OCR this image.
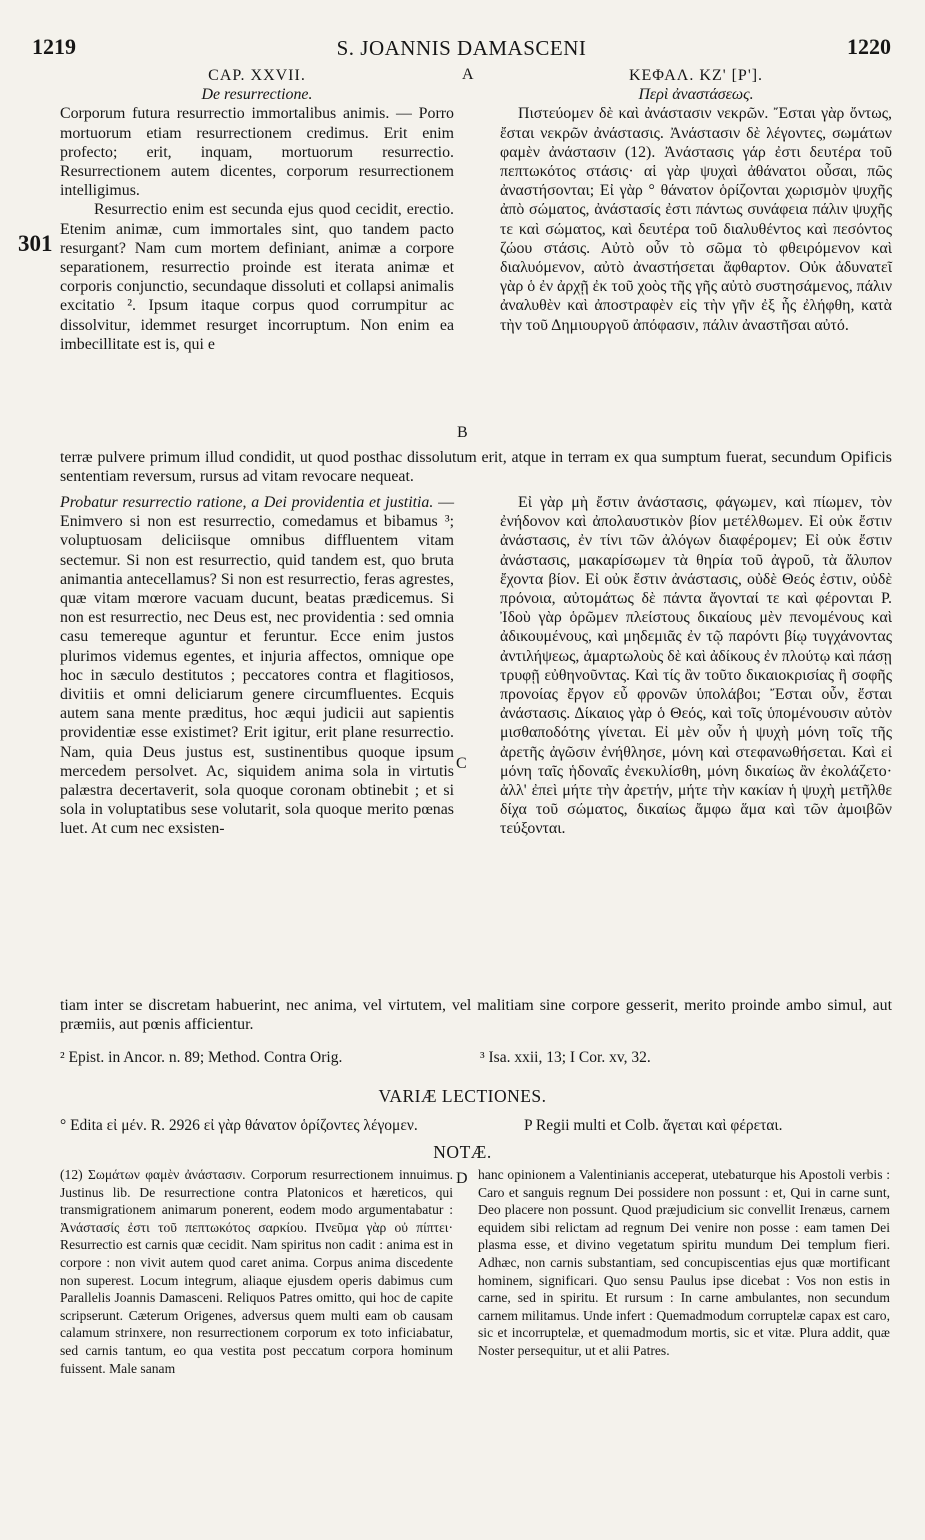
1219	S. JOANNIS DAMASCENI	1220
A
B
C
D

CAP. XXVII.

De resurrectione.

Corporum futura resurrectio immortalibus animis. — Porro mortuorum etiam resurrectionem credimus. Erit enim profecto; erit, inquam, mortuorum resurrectio. Resurrectionem autem dicentes, corporum resurrectionem intelligimus.

Resurrectio enim est secunda ejus quod cecidit, erectio. Etenim animæ, cum immortales sint, quo tandem pacto resurgant? Nam cum mortem definiant, animæ a corpore separationem, resurrectio proinde est iterata animæ et corporis conjunctio, secundaque dissoluti et collapsi animalis excitatio ². Ipsum itaque corpus quod corrumpitur ac dissolvitur, idemmet resurget incorruptum. Non enim ea imbecillitate est is, qui e

301

ΚΕΦΑΛ. ΚΖ' [Ρ'].

Περὶ ἀναστάσεως.

Πιστεύομεν δὲ καὶ ἀνάστασιν νεκρῶν. Ἔσται γὰρ ὄντως, ἔσται νεκρῶν ἀνάστασις. Ἀνάστασιν δὲ λέγοντες, σωμάτων φαμὲν ἀνάστασιν (12). Ἀνάστασις γάρ ἐστι δευτέρα τοῦ πεπτωκότος στάσις· αἱ γὰρ ψυχαὶ ἀθάνατοι οὖσαι, πῶς ἀναστήσονται; Εἰ γὰρ ° θάνατον ὁρίζονται χωρισμὸν ψυχῆς ἀπὸ σώματος, ἀνάστασίς ἐστι πάντως συνάφεια πάλιν ψυχῆς τε καὶ σώματος, καὶ δευτέρα τοῦ διαλυθέντος καὶ πεσόντος ζώου στάσις. Αὐτὸ οὖν τὸ σῶμα τὸ φθειρόμενον καὶ διαλυόμενον, αὐτὸ ἀναστήσεται ἄφθαρτον. Οὐκ ἀδυνατεῖ γὰρ ὁ ἐν ἀρχῇ ἐκ τοῦ χοὸς τῆς γῆς αὐτὸ συστησάμενος, πάλιν ἀναλυθὲν καὶ ἀποστραφὲν εἰς τὴν γῆν ἐξ ἧς ἐλήφθη, κατὰ τὴν τοῦ Δημιουργοῦ ἀπόφασιν, πάλιν ἀναστῆσαι αὐτό.

terræ pulvere primum illud condidit, ut quod posthac dissolutum erit, atque in terram ex qua sumptum fuerat, secundum Opificis sententiam reversum, rursus ad vitam revocare nequeat.

Probatur resurrectio ratione, a Dei providentia et justitia. — Enimvero si non est resurrectio, comedamus et bibamus ³; voluptuosam deliciisque omnibus diffluentem vitam sectemur. Si non est resurrectio, quid tandem est, quo bruta animantia antecellamus? Si non est resurrectio, feras agrestes, quæ vitam mœrore vacuam ducunt, beatas prædicemus. Si non est resurrectio, nec Deus est, nec providentia : sed omnia casu temereque aguntur et feruntur. Ecce enim justos plurimos videmus egentes, et injuria affectos, omnique ope hoc in sæculo destitutos ; peccatores contra et flagitiosos, divitiis et omni deliciarum genere circumfluentes. Ecquis autem sana mente præditus, hoc æqui judicii aut sapientis providentiæ esse existimet? Erit igitur, erit plane resurrectio. Nam, quia Deus justus est, sustinentibus quoque ipsum mercedem persolvet. Ac, siquidem anima sola in virtutis palæstra decertaverit, sola quoque coronam obtinebit ; et si sola in voluptatibus sese volutarit, sola quoque merito pœnas luet. At cum nec exsisten-

Εἰ γὰρ μὴ ἔστιν ἀνάστασις, φάγωμεν, καὶ πίωμεν, τὸν ἐνήδονον καὶ ἀπολαυστικὸν βίον μετέλθωμεν. Εἰ οὐκ ἔστιν ἀνάστασις, ἐν τίνι τῶν ἀλόγων διαφέρομεν; Εἰ οὐκ ἔστιν ἀνάστασις, μακαρίσωμεν τὰ θηρία τοῦ ἀγροῦ, τὰ ἄλυπον ἔχοντα βίον. Εἰ οὐκ ἔστιν ἀνάστασις, οὐδὲ Θεός ἐστιν, οὐδὲ πρόνοια, αὐτομάτως δὲ πάντα ἄγονταί τε καὶ φέρονται P. Ἰδοὺ γὰρ ὁρῶμεν πλείστους δικαίους μὲν πενομένους καὶ ἀδικουμένους, καὶ μηδεμιᾶς ἐν τῷ παρόντι βίῳ τυγχάνοντας ἀντιλήψεως, ἁμαρτωλοὺς δὲ καὶ ἀδίκους ἐν πλούτῳ καὶ πάσῃ τρυφῇ εὐθηνοῦντας. Καὶ τίς ἂν τοῦτο δικαιοκρισίας ἢ σοφῆς προνοίας ἔργον εὖ φρονῶν ὑπολάβοι; Ἔσται οὖν, ἔσται ἀνάστασις. Δίκαιος γὰρ ὁ Θεός, καὶ τοῖς ὑπομένουσιν αὐτὸν μισθαποδότης γίνεται. Εἰ μὲν οὖν ἡ ψυχὴ μόνη τοῖς τῆς ἀρετῆς ἀγῶσιν ἐνήθλησε, μόνη καὶ στεφανωθήσεται. Καὶ εἰ μόνη ταῖς ἡδοναῖς ἐνεκυλίσθη, μόνη δικαίως ἂν ἐκολάζετο· ἀλλ' ἐπεὶ μήτε τὴν ἀρετήν, μήτε τὴν κακίαν ἡ ψυχὴ μετῆλθε δίχα τοῦ σώματος, δικαίως ἄμφω ἅμα καὶ τῶν ἀμοιβῶν τεύξονται.

tiam inter se discretam habuerint, nec anima, vel virtutem, vel malitiam sine corpore gesserit, merito proinde ambo simul, aut præmiis, aut pœnis afficientur.
² Epist. in Ancor. n. 89; Method. Contra Orig.	³ Isa. xxii, 13; I Cor. xv, 32.
VARIÆ LECTIONES.
° Edita εἰ μέν. R. 2926 εἰ γὰρ θάνατον ὁρίζοντες λέγομεν.	P Regii multi et Colb. ἄγεται καὶ φέρεται.
NOTÆ.
(12) Σωμάτων φαμὲν ἀνάστασιν. Corporum resurrectionem innuimus. Justinus lib. De resurrectione contra Platonicos et hæreticos, qui transmigrationem animarum ponerent, eodem modo argumentabatur : Ἀνάστασίς ἐστι τοῦ πεπτωκότος σαρκίου. Πνεῦμα γὰρ οὐ πίπτει· Resurrectio est carnis quæ cecidit. Nam spiritus non cadit : anima est in corpore : non vivit autem quod caret anima. Corpus anima discedente non superest. Locum integrum, aliaque ejusdem operis dabimus cum Parallelis Joannis Damasceni. Reliquos Patres omitto, qui hoc de capite scripserunt. Cæterum Origenes, adversus quem multi eam ob causam calamum strinxere, non resurrectionem corporum ex toto inficiabatur, sed carnis tantum, eo qua vestita post peccatum corpora hominum fuissent. Male sanam
hanc opinionem a Valentinianis acceperat, utebaturque his Apostoli verbis : Caro et sanguis regnum Dei possidere non possunt : et, Qui in carne sunt, Deo placere non possunt. Quod præjudicium sic convellit Irenæus, carnem equidem sibi relictam ad regnum Dei venire non posse : eam tamen Dei plasma esse, et divino vegetatum spiritu mundum Dei templum fieri. Adhæc, non carnis substantiam, sed concupiscentias ejus quæ mortificant hominem, significari. Quo sensu Paulus ipse dicebat : Vos non estis in carne, sed in spiritu. Et rursum : In carne ambulantes, non secundum carnem militamus. Unde infert : Quemadmodum corruptelæ capax est caro, sic et incorruptelæ, et quemadmodum mortis, sic et vitæ. Plura addit, quæ Noster persequitur, ut et alii Patres.
